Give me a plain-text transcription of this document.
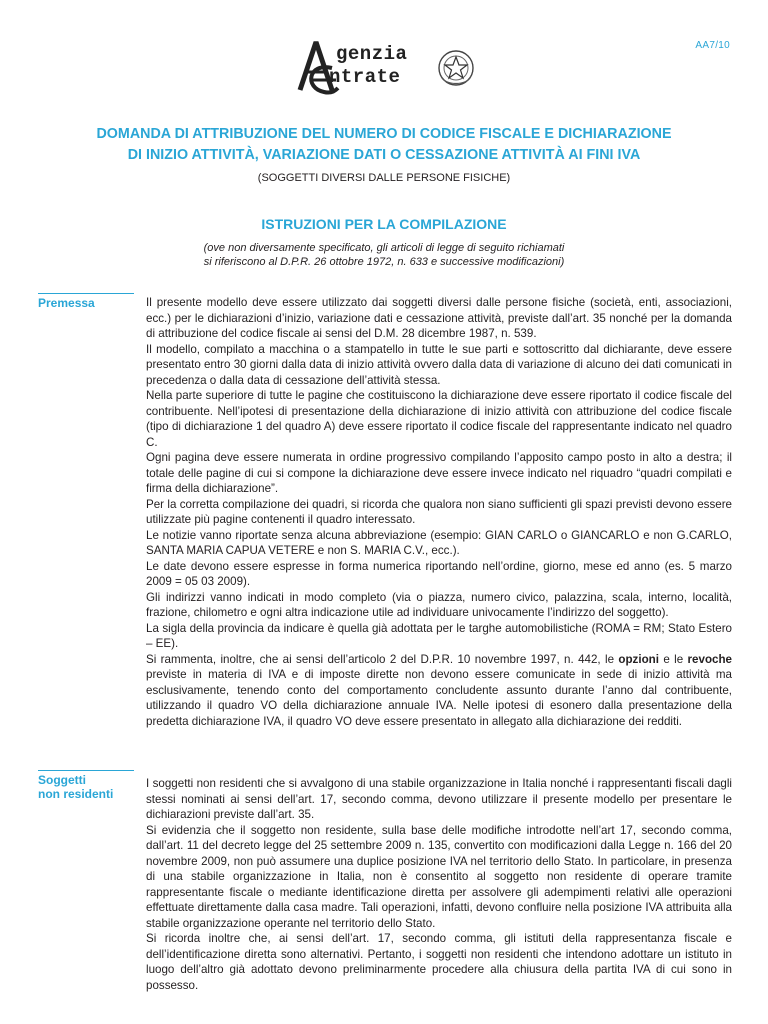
AA7/10
genzia
ntrate
DOMANDA DI ATTRIBUZIONE DEL NUMERO DI CODICE FISCALE E DICHIARAZIONE
DI INIZIO ATTIVITÀ, VARIAZIONE DATI O CESSAZIONE ATTIVITÀ AI FINI IVA
(SOGGETTI DIVERSI DALLE PERSONE FISICHE)
ISTRUZIONI PER LA COMPILAZIONE
(ove non diversamente specificato, gli articoli di legge di seguito richiamati
si riferiscono al D.P.R. 26 ottobre 1972, n. 633 e successive modificazioni)
Premessa	Il presente modello deve essere utilizzato dai soggetti diversi dalle persone fisiche (società, enti, associazioni, ecc.) per le dichiarazioni d’inizio, variazione dati e cessazione attività, previste dall’art. 35 nonché per la domanda di attribuzione del codice fiscale ai sensi del D.M. 28 dicembre 1987, n. 539.

Il modello, compilato a macchina o a stampatello in tutte le sue parti e sottoscritto dal dichiarante, deve essere presentato entro 30 giorni dalla data di inizio attività ovvero dalla data di variazione di alcuno dei dati comunicati in precedenza o dalla data di cessazione dell’attività stessa.

Nella parte superiore di tutte le pagine che costituiscono la dichiarazione deve essere riportato il codice fiscale del contribuente. Nell’ipotesi di presentazione della dichiarazione di inizio attività con attribuzione del codice fiscale (tipo di dichiarazione 1 del quadro A) deve essere riportato il codice fiscale del rappresentante indicato nel quadro C.

Ogni pagina deve essere numerata in ordine progressivo compilando l’apposito campo posto in alto a destra; il totale delle pagine di cui si compone la dichiarazione deve essere invece indicato nel riquadro “quadri compilati e firma della dichiarazione”.

Per la corretta compilazione dei quadri, si ricorda che qualora non siano sufficienti gli spazi previsti devono essere utilizzate più pagine contenenti il quadro interessato.

Le notizie vanno riportate senza alcuna abbreviazione (esempio: GIAN CARLO o GIANCARLO e non G.CARLO, SANTA MARIA CAPUA VETERE e non S. MARIA C.V., ecc.).

Le date devono essere espresse in forma numerica riportando nell’ordine, giorno, mese ed anno (es. 5 marzo 2009 = 05 03 2009).

Gli indirizzi vanno indicati in modo completo (via o piazza, numero civico, palazzina, scala, interno, località, frazione, chilometro e ogni altra indicazione utile ad individuare univocamente l’indirizzo del soggetto).

La sigla della provincia da indicare è quella già adottata per le targhe automobilistiche (ROMA = RM; Stato Estero – EE).

Si rammenta, inoltre, che ai sensi dell’articolo 2 del D.P.R. 10 novembre 1997, n. 442, le opzioni e le revoche previste in materia di IVA e di imposte dirette non devono essere comunicate in sede di inizio attività ma esclusivamente, tenendo conto del comportamento concludente assunto durante l’anno dal contribuente, utilizzando il quadro VO della dichiarazione annuale IVA. Nelle ipotesi di esonero dalla presentazione della predetta dichiarazione IVA, il quadro VO deve essere presentato in allegato alla dichiarazione dei redditi.

Soggetti
non residenti

I soggetti non residenti che si avvalgono di una stabile organizzazione in Italia nonché i rappresentanti fiscali dagli stessi nominati ai sensi dell’art. 17, secondo comma, devono utilizzare il presente modello per presentare le dichiarazioni previste dall’art. 35.

Si evidenzia che il soggetto non residente, sulla base delle modifiche introdotte nell’art 17, secondo comma, dall’art. 11 del decreto legge del 25 settembre 2009 n. 135, convertito con modificazioni dalla Legge n. 166 del 20 novembre 2009, non può assumere una duplice posizione IVA nel territorio dello Stato. In particolare, in presenza di una stabile organizzazione in Italia, non è consentito al soggetto non residente di operare tramite rappresentante fiscale o mediante identificazione diretta per assolvere gli adempimenti relativi alle operazioni effettuate direttamente dalla casa madre. Tali operazioni, infatti, devono confluire nella posizione IVA attribuita alla stabile organizzazione operante nel territorio dello Stato.

Si ricorda inoltre che, ai sensi dell’art. 17, secondo comma, gli istituti della rappresentanza fiscale e dell’identificazione diretta sono alternativi. Pertanto, i soggetti non residenti che intendono adottare un istituto in luogo dell’altro già adottato devono preliminarmente procedere alla chiusura della partita IVA di cui sono in possesso.
